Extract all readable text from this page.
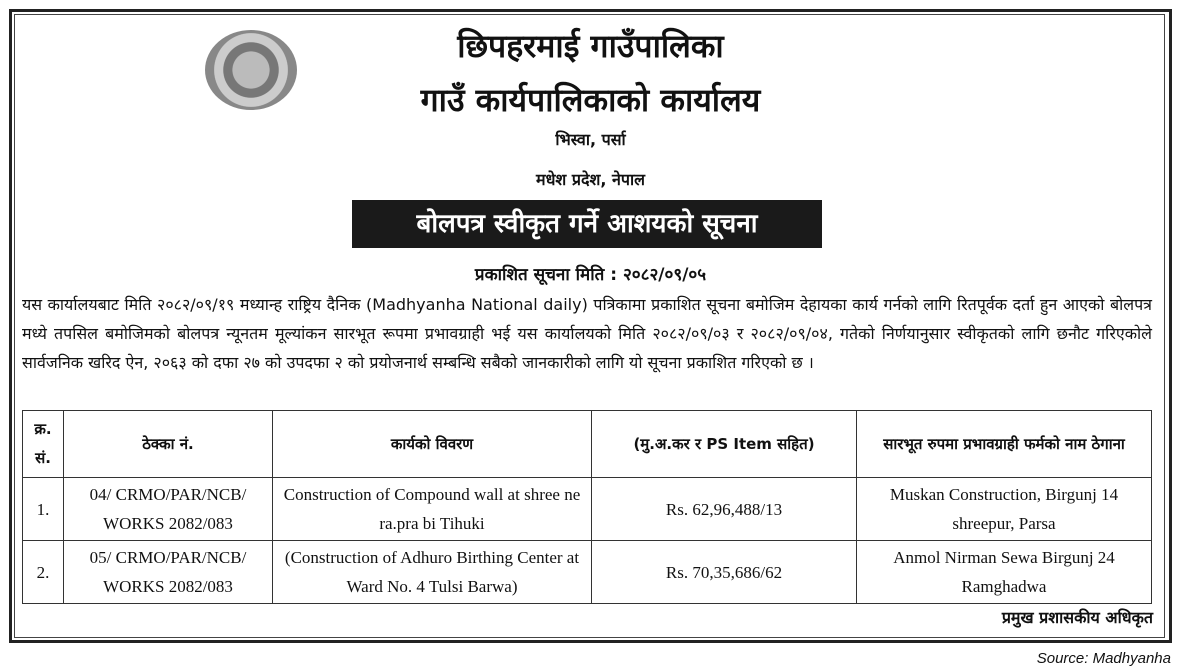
छिपहरमाई गाउँपालिका
गाउँ कार्यपालिकाको कार्यालय
भिस्वा, पर्सा
मधेश प्रदेश, नेपाल
बोलपत्र स्वीकृत गर्ने आशयको सूचना
प्रकाशित सूचना मिति : २०८२/०९/०५
यस कार्यालयबाट मिति २०८२/०९/१९ मध्यान्ह राष्ट्रिय दैनिक (Madhyanha National daily) पत्रिकामा प्रकाशित सूचना बमोजिम देहायका कार्य गर्नको लागि रितपूर्वक दर्ता हुन आएको बोलपत्र मध्ये तपसिल बमोजिमको बोलपत्र न्यूनतम मूल्यांकन सारभूत रूपमा प्रभावग्राही भई यस कार्यालयको मिति २०८२/०९/०३ र २०८२/०९/०४, गतेको निर्णयानुसार स्वीकृतको लागि छनौट गरिएकोले सार्वजनिक खरिद ऐन, २०६३ को दफा २७ को उपदफा २ को प्रयोजनार्थ सम्बन्धि सबैको जानकारीको लागि यो सूचना प्रकाशित गरिएको छ ।
क्र. सं.	ठेक्का नं.	कार्यको विवरण	(मु.अ.कर र PS Item सहित)	सारभूत रुपमा प्रभावग्राही फर्मको नाम ठेगाना
1.	04/ CRMO/PAR/NCB/ WORKS 2082/083	Construction of Compound wall at shree ne ra.pra bi Tihuki	Rs. 62,96,488/13	Muskan Construction, Birgunj 14 shreepur, Parsa
2.	05/ CRMO/PAR/NCB/ WORKS 2082/083	(Construction of Adhuro Birthing Center at Ward No. 4 Tulsi Barwa)	Rs. 70,35,686/62	Anmol Nirman Sewa Birgunj 24 Ramghadwa
प्रमुख प्रशासकीय अधिकृत
Source: Madhyanha
